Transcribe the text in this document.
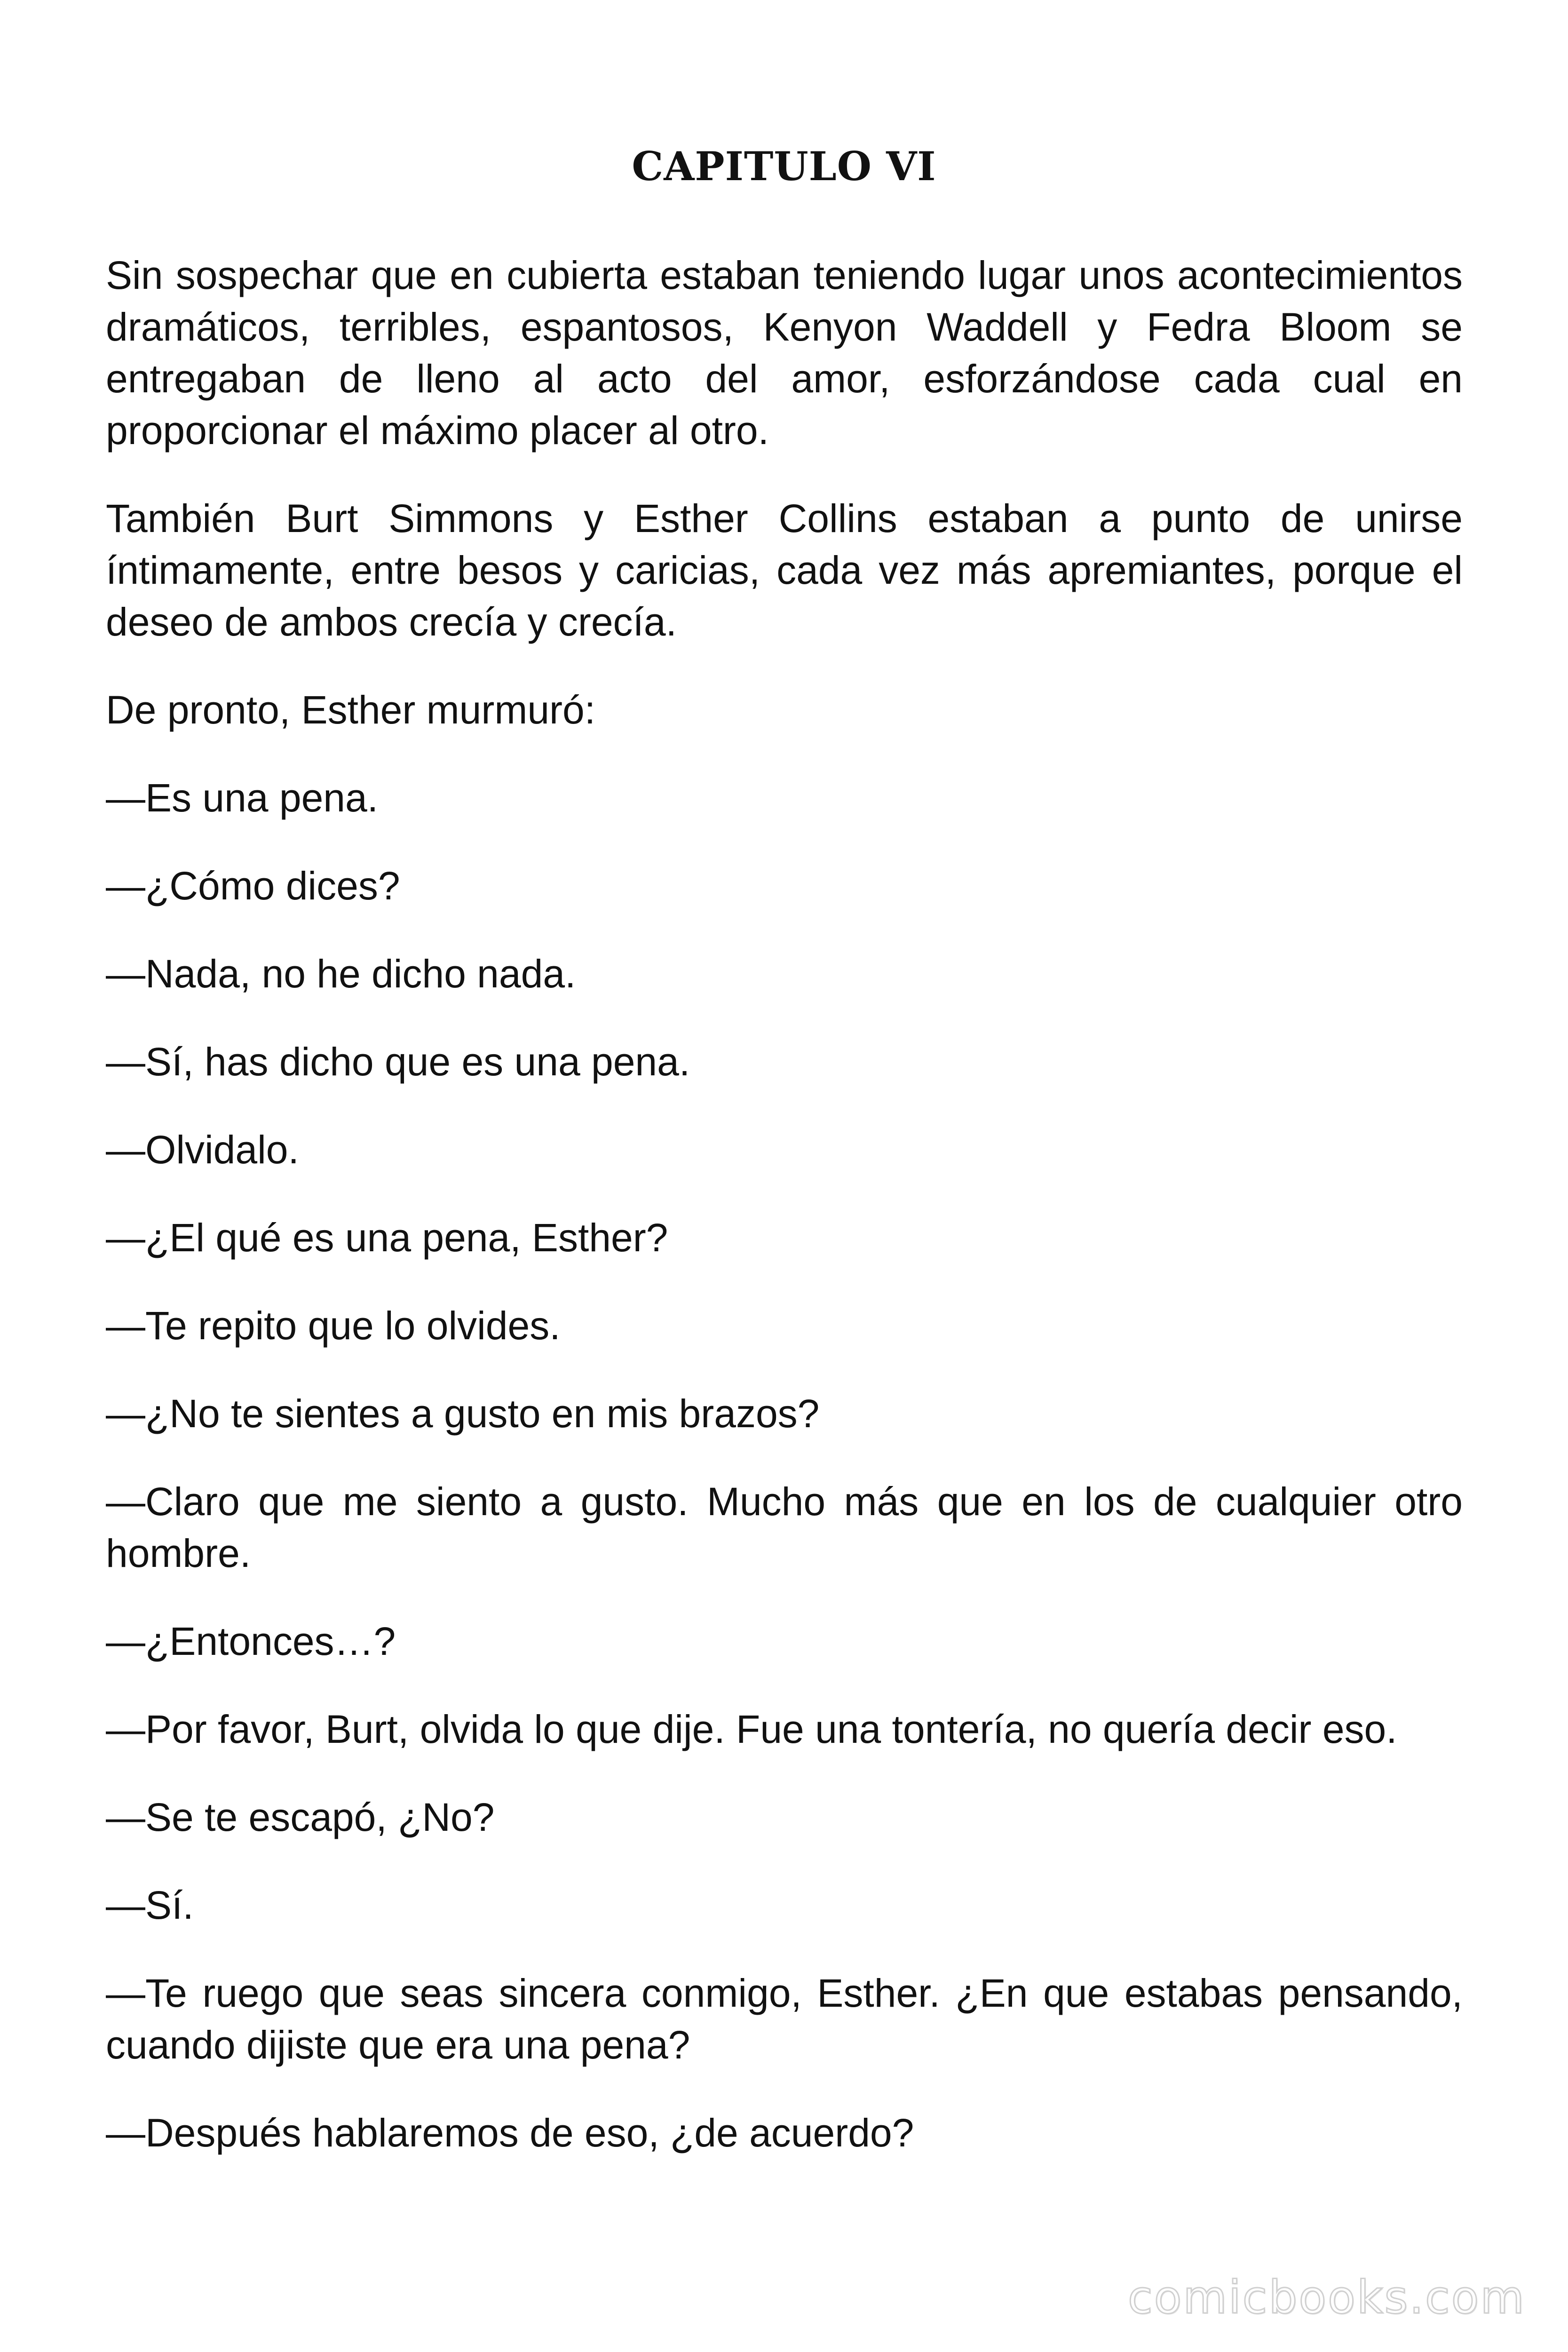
CAPITULO VI

Sin sospechar que en cubierta estaban teniendo lugar unos acontecimientos dramáticos, terribles, espantosos, Kenyon Waddell y Fedra Bloom se entregaban de lleno al acto del amor, esforzándose cada cual en proporcionar el máximo placer al otro.

También Burt Simmons y Esther Collins estaban a punto de unirse íntimamente, entre besos y caricias, cada vez más apremiantes, porque el deseo de ambos crecía y crecía.

De pronto, Esther murmuró:

—Es una pena.

—¿Cómo dices?

—Nada, no he dicho nada.

—Sí, has dicho que es una pena.

—Olvidalo.

—¿El qué es una pena, Esther?

—Te repito que lo olvides.

—¿No te sientes a gusto en mis brazos?

—Claro que me siento a gusto. Mucho más que en los de cualquier otro hombre.

—¿Entonces…?

—Por favor, Burt, olvida lo que dije. Fue una tontería, no quería decir eso.

—Se te escapó, ¿No?

—Sí.

—Te ruego que seas sincera conmigo, Esther. ¿En que estabas pensando, cuando dijiste que era una pena?

—Después hablaremos de eso, ¿de acuerdo?

comicbooks.com
